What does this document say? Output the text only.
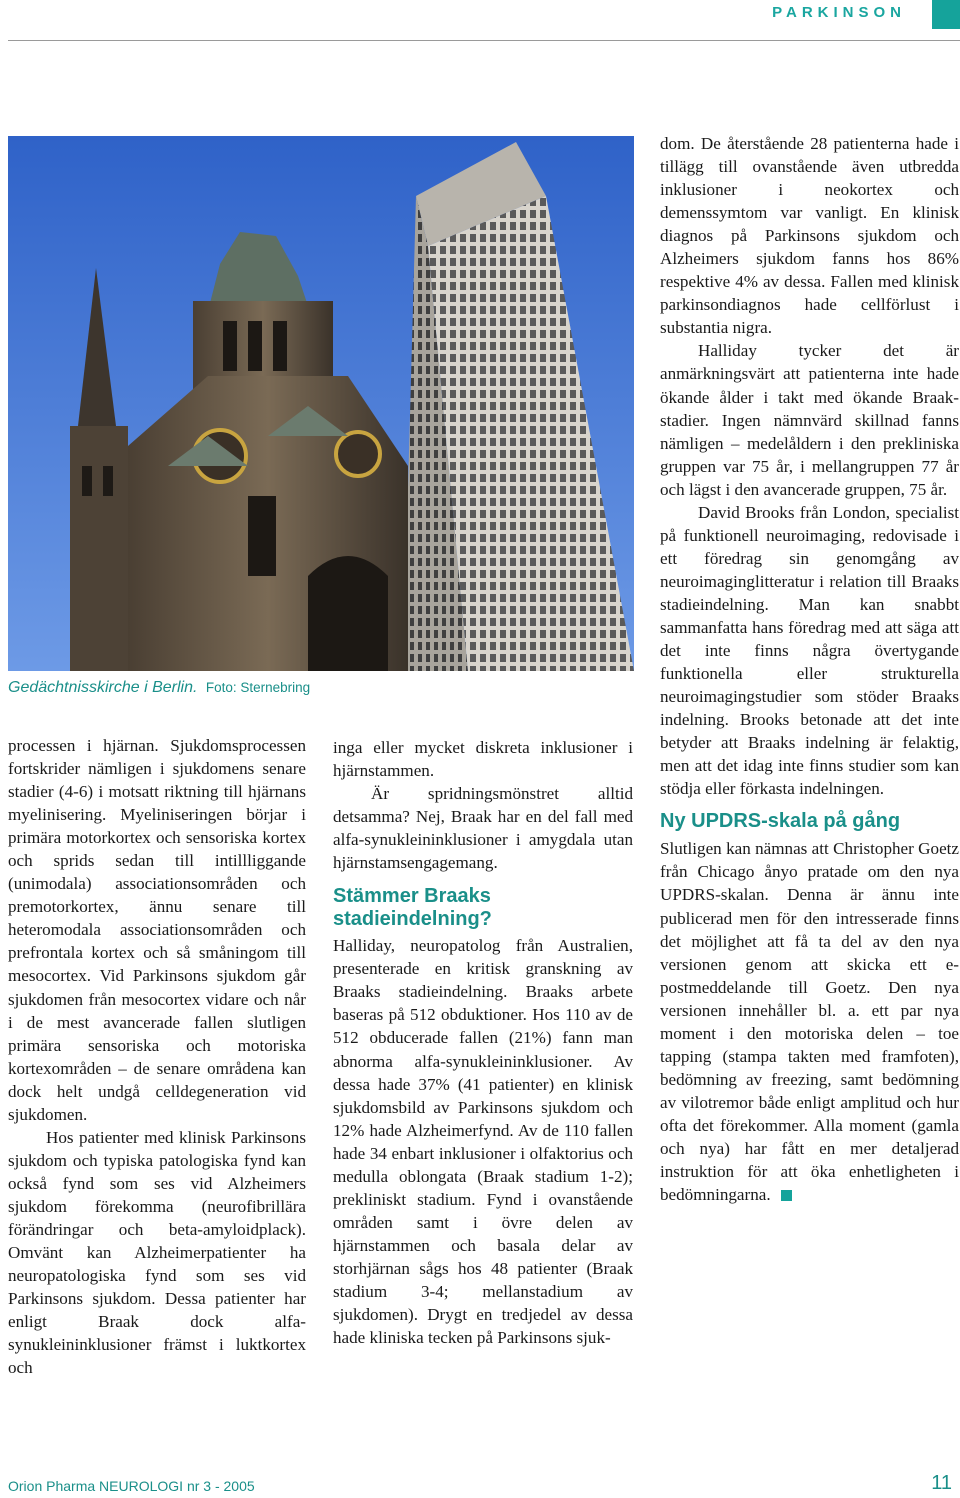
PARKINSON
Gedächtnisskirche i Berlin. Foto: Sternebring

processen i hjärnan. Sjukdomsprocessen fortskrider nämligen i sjukdomens senare stadier (4-6) i motsatt riktning till hjärnans myelinisering. Myeliniseringen börjar i primära motorkortex och sensoriska kortex och sprids sedan till intillliggande (unimodala) associationsområden och premotorkortex, ännu senare till heteromodala associationsområden och prefrontala kortex och så småningom till mesocortex. Vid Parkinsons sjukdom går sjukdomen från mesocortex vidare och når i de mest avancerade fallen slutligen primära sensoriska och motoriska kortexområden – de senare områdena kan dock helt undgå celldegeneration vid sjukdomen.

Hos patienter med klinisk Parkinsons sjukdom och typiska patologiska fynd kan också fynd som ses vid Alzheimers sjukdom förekomma (neurofibrillära förändringar och beta-amyloidplack). Omvänt kan Alzheimerpatienter ha neuropatologiska fynd som ses vid Parkinsons sjukdom. Dessa patienter har enligt Braak dock alfa-synukleininklusioner främst i luktkortex och

inga eller mycket diskreta inklusioner i hjärnstammen.

Är spridningsmönstret alltid detsamma? Nej, Braak har en del fall med alfa-synukleininklusioner i amygdala utan hjärnstamsengagemang.

Stämmer Braaks stadieindelning?

Halliday, neuropatolog från Australien, presenterade en kritisk granskning av Braaks stadieindelning. Braaks arbete baseras på 512 obduktioner. Hos 110 av de 512 obducerade fallen (21%) fann man abnorma alfa-synukleininklusioner. Av dessa hade 37% (41 patienter) en klinisk sjukdomsbild av Parkinsons sjukdom och 12% hade Alzheimerfynd. Av de 110 fallen hade 34 enbart inklusioner i olfaktorius och medulla oblongata (Braak stadium 1-2); prekliniskt stadium. Fynd i ovanstående områden samt i övre delen av hjärnstammen och basala delar av storhjärnan sågs hos 48 patienter (Braak stadium 3-4; mellanstadium av sjukdomen). Drygt en tredjedel av dessa hade kliniska tecken på Parkinsons sjuk-

dom. De återstående 28 patienterna hade i tillägg till ovanstående även utbredda inklusioner i neokortex och demenssymtom var vanligt. En klinisk diagnos på Parkinsons sjukdom och Alzheimers sjukdom fanns hos 86% respektive 4% av dessa. Fallen med klinisk parkinsondiagnos hade cellförlust i substantia nigra.

Halliday tycker det är anmärkningsvärt att patienterna inte hade ökande ålder i takt med ökande Braak-stadier. Ingen nämnvärd skillnad fanns nämligen – medelåldern i den prekliniska gruppen var 75 år, i mellangruppen 77 år och lägst i den avancerade gruppen, 75 år.

David Brooks från London, specialist på funktionell neuroimaging, redovisade i ett föredrag sin genomgång av neuroimaginglitteratur i relation till Braaks stadieindelning. Man kan snabbt sammanfatta hans föredrag med att säga att det inte finns några övertygande funktionella eller strukturella neuroimagingstudier som stöder Braaks indelning. Brooks betonade att det inte betyder att Braaks indelning är felaktig, men att det idag inte finns studier som kan stödja eller förkasta indelningen.

Ny UPDRS-skala på gång

Slutligen kan nämnas att Christopher Goetz från Chicago ånyo pratade om den nya UPDRS-skalan. Denna är ännu inte publicerad men för den intresserade finns det möjlighet att få ta del av den nya versionen genom att skicka ett e-postmeddelande till Goetz. Den nya versionen innehåller bl. a. ett par nya moment i den motoriska delen – toe tapping (stampa takten med framfoten), bedömning av freezing, samt bedömning av vilotremor både enligt amplitud och hur ofta det förekommer. Alla moment (gamla och nya) har fått en mer detaljerad instruktion för att öka enhetligheten i bedömningarna.

Orion Pharma NEUROLOGI nr 3 - 2005	11
